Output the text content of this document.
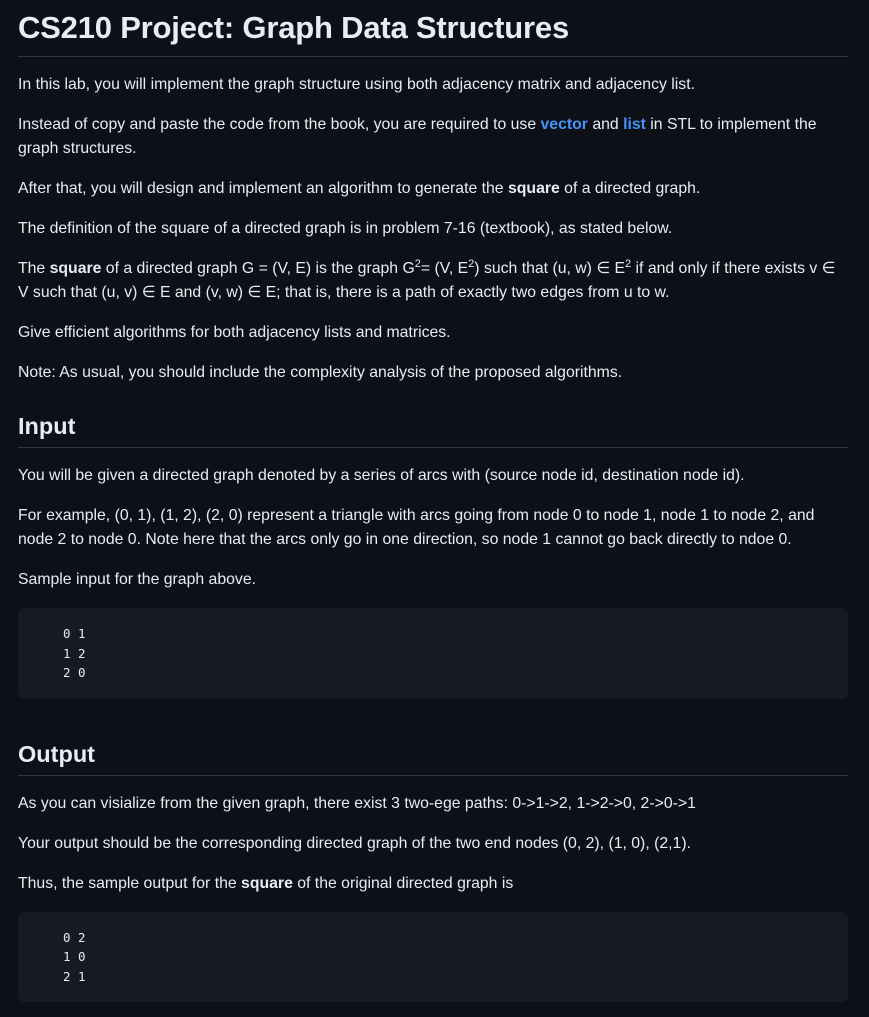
CS210 Project: Graph Data Structures

In this lab, you will implement the graph structure using both adjacency matrix and adjacency list.

Instead of copy and paste the code from the book, you are required to use vector and list in STL to implement the graph structures.

After that, you will design and implement an algorithm to generate the square of a directed graph.

The definition of the square of a directed graph is in problem 7-16 (textbook), as stated below.

The square of a directed graph G = (V, E) is the graph $G^2= (V$, $E^2$) such that (u, w) ∈ $E^2$ if and only if there exists v ∈ V such that (u, v) ∈ E and (v, w) ∈ E; that is, there is a path of exactly two edges from u to w.

Give efficient algorithms for both adjacency lists and matrices.

Note: As usual, you should include the complexity analysis of the proposed algorithms.

Input

You will be given a directed graph denoted by a series of arcs with (source node id, destination node id).

For example, (0, 1), (1, 2), (2, 0) represent a triangle with arcs going from node 0 to node 1, node 1 to node 2, and node 2 to node 0. Note here that the arcs only go in one direction, so node 1 cannot go back directly to ndoe 0.

Sample input for the graph above.

0 1
1 2
2 0
Output

As you can visialize from the given graph, there exist 3 two-ege paths: 0->1->2, 1->2->0, 2->0->1

Your output should be the corresponding directed graph of the two end nodes (0, 2), (1, 0), (2,1).

Thus, the sample output for the square of the original directed graph is

0 2
1 0
2 1
